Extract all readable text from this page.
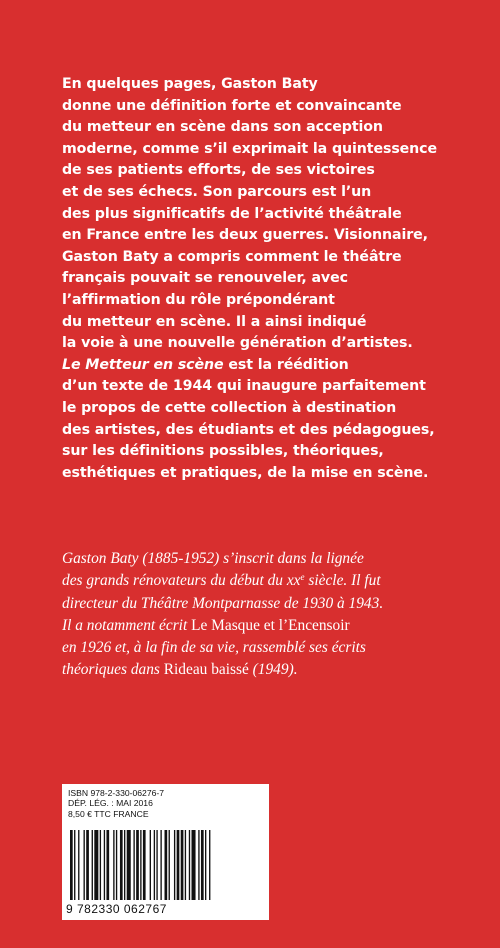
En quelques pages, Gaston Baty
donne une définition forte et convaincante
du metteur en scène dans son acception
moderne, comme s’il exprimait la quintessence
de ses patients efforts, de ses victoires
et de ses échecs. Son parcours est l’un
des plus significatifs de l’activité théâtrale
en France entre les deux guerres. Visionnaire,
Gaston Baty a compris comment le théâtre
français pouvait se renouveler, avec
l’affirmation du rôle prépondérant
du metteur en scène. Il a ainsi indiqué
la voie à une nouvelle génération d’artistes.
Le Metteur en scène est la réédition
d’un texte de 1944 qui inaugure parfaitement
le propos de cette collection à destination
des artistes, des étudiants et des pédagogues,
sur les définitions possibles, théoriques,
esthétiques et pratiques, de la mise en scène.
Gaston Baty (1885-1952) s’inscrit dans la lignée
des grands rénovateurs du début du $xx^e$ siècle. Il fut
directeur du Théâtre Montparnasse de 1930 à 1943.
Il a notamment écrit Le Masque et l’Encensoir
en 1926 et, à la fin de sa vie, rassemblé ses écrits
théoriques dans Rideau baissé (1949).
ISBN 978-2-330-06276-7
DÉP. LÉG. : MAI 2016
8,50 € TTC FRANCE
9 782330 062767
